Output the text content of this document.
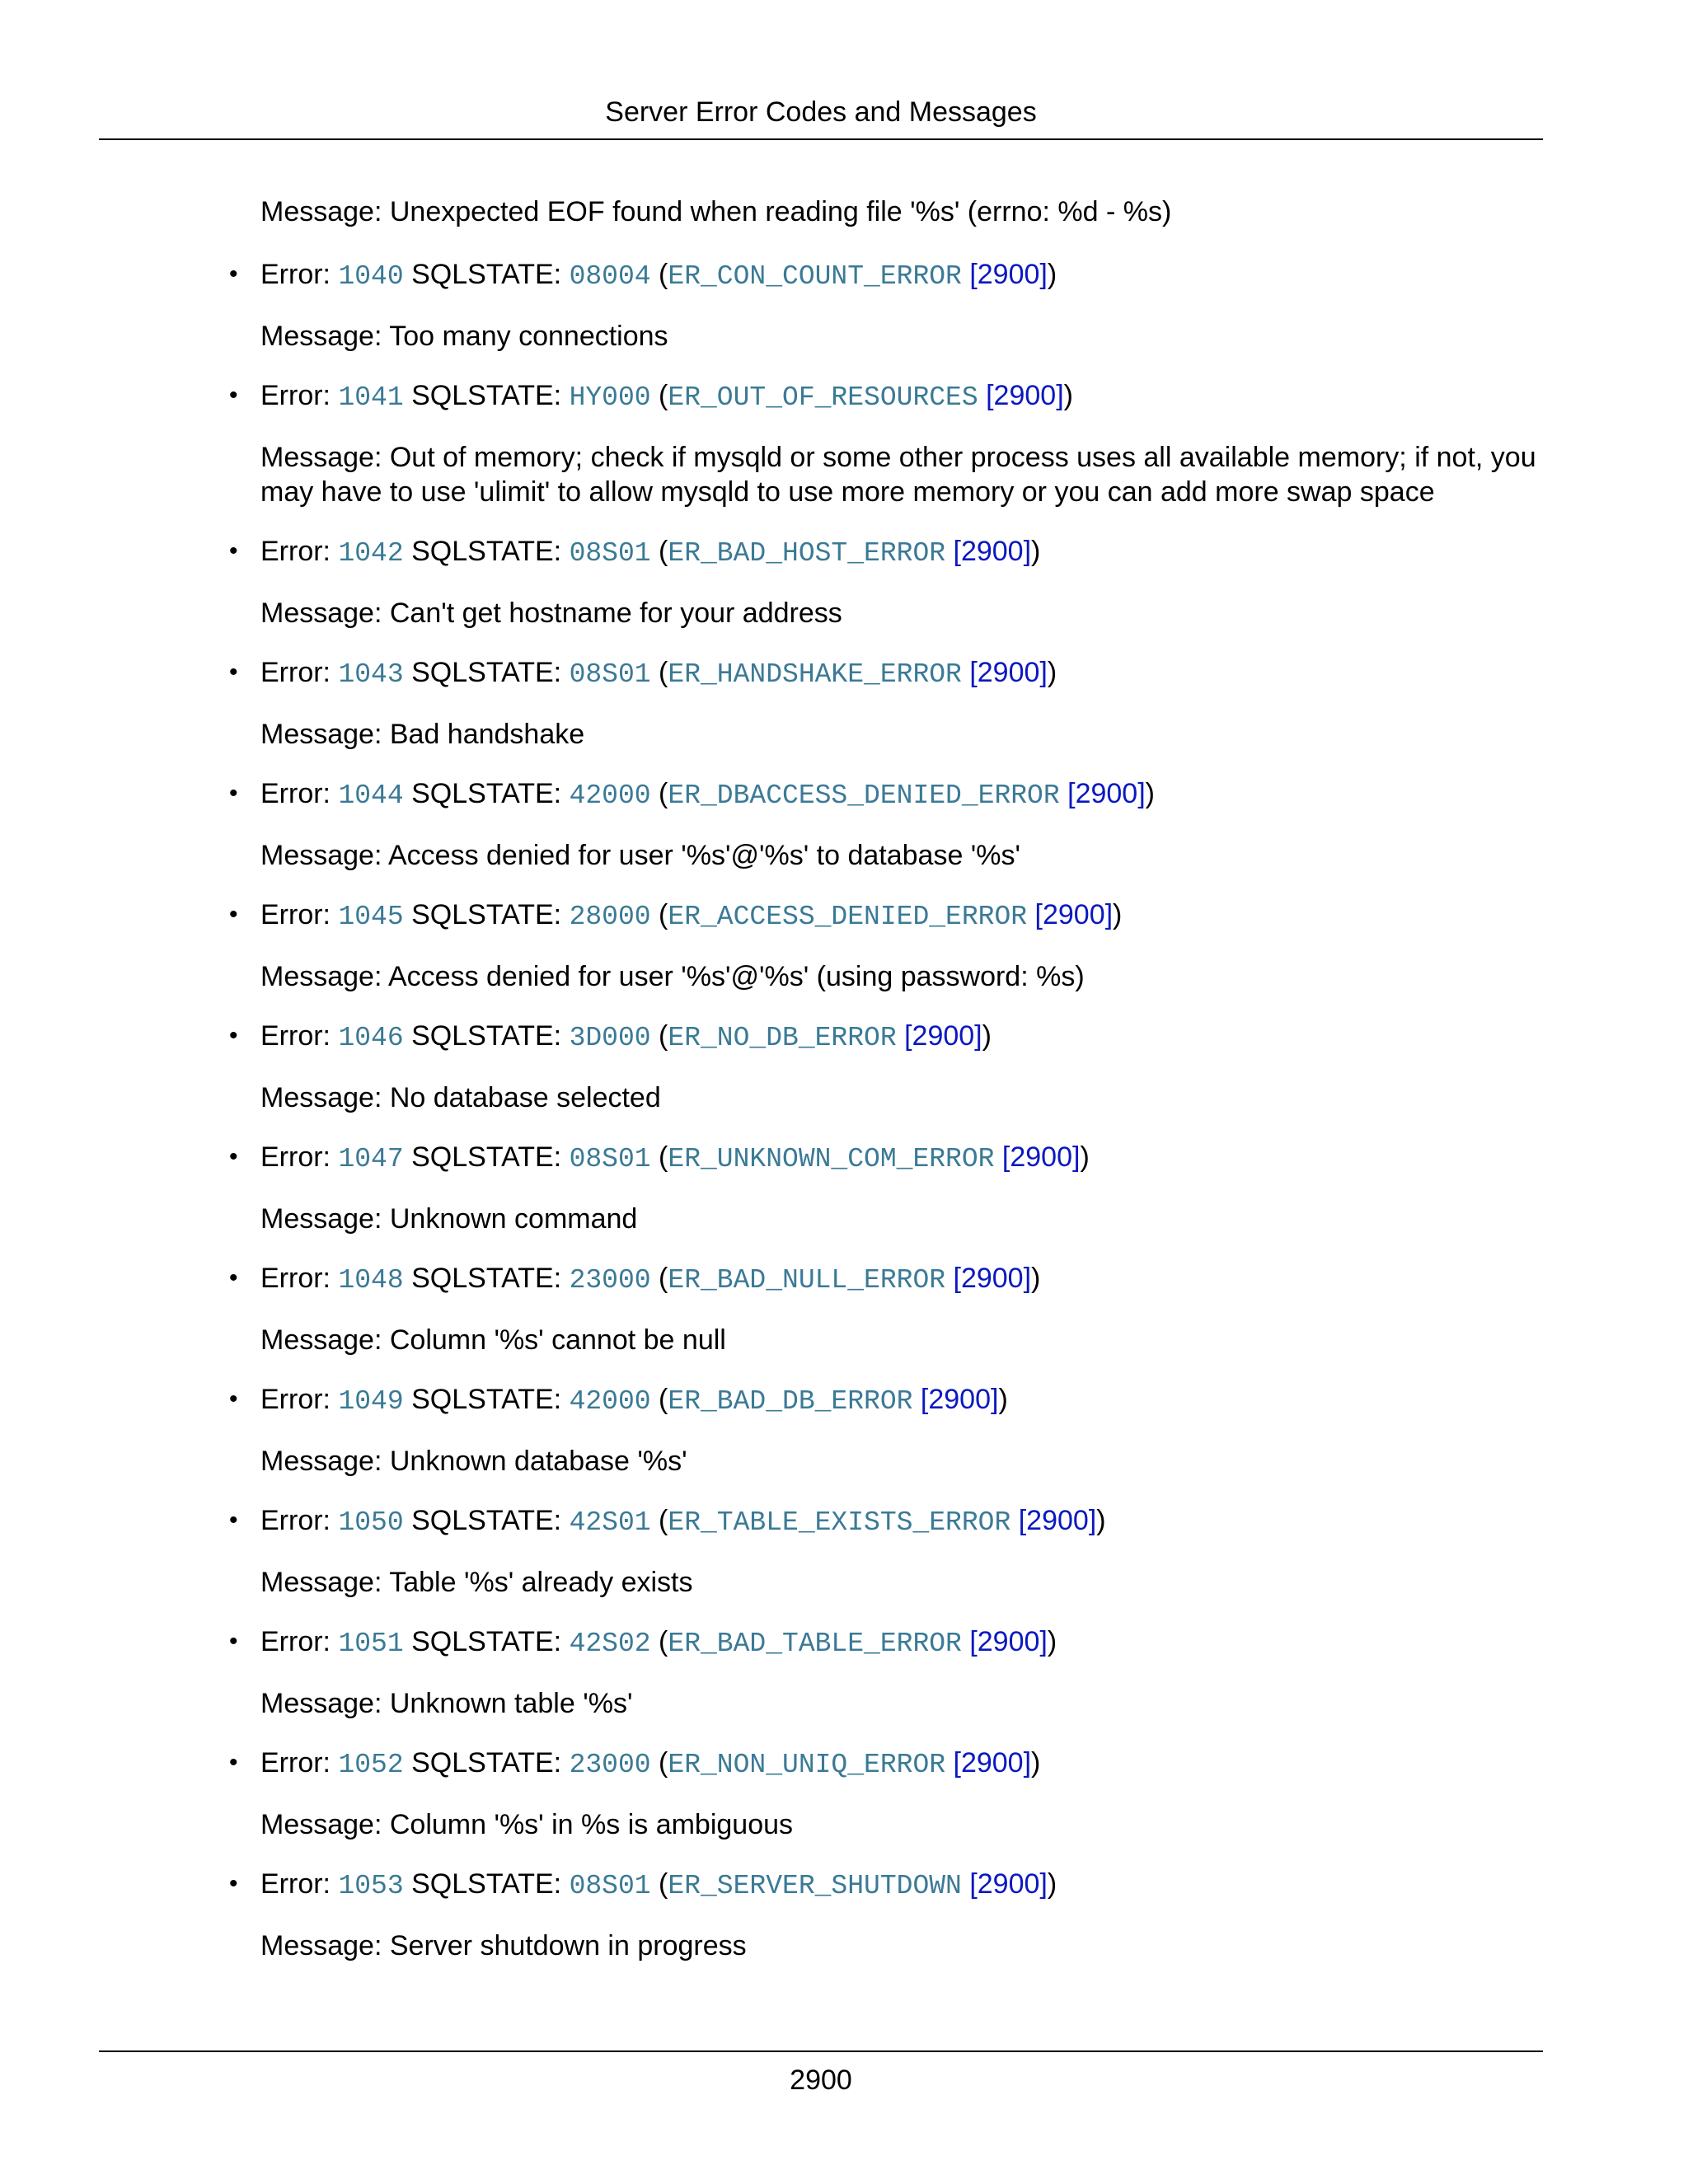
Server Error Codes and Messages
Message: Unexpected EOF found when reading file '%s' (errno: %d - %s)
• Error: 1040 SQLSTATE: 08004 (ER_CON_COUNT_ERROR [2900])
Message: Too many connections
• Error: 1041 SQLSTATE: HY000 (ER_OUT_OF_RESOURCES [2900])
Message: Out of memory; check if mysqld or some other process uses all available memory; if not, you may have to use 'ulimit' to allow mysqld to use more memory or you can add more swap space
• Error: 1042 SQLSTATE: 08S01 (ER_BAD_HOST_ERROR [2900])
Message: Can't get hostname for your address
• Error: 1043 SQLSTATE: 08S01 (ER_HANDSHAKE_ERROR [2900])
Message: Bad handshake
• Error: 1044 SQLSTATE: 42000 (ER_DBACCESS_DENIED_ERROR [2900])
Message: Access denied for user '%s'@'%s' to database '%s'
• Error: 1045 SQLSTATE: 28000 (ER_ACCESS_DENIED_ERROR [2900])
Message: Access denied for user '%s'@'%s' (using password: %s)
• Error: 1046 SQLSTATE: 3D000 (ER_NO_DB_ERROR [2900])
Message: No database selected
• Error: 1047 SQLSTATE: 08S01 (ER_UNKNOWN_COM_ERROR [2900])
Message: Unknown command
• Error: 1048 SQLSTATE: 23000 (ER_BAD_NULL_ERROR [2900])
Message: Column '%s' cannot be null
• Error: 1049 SQLSTATE: 42000 (ER_BAD_DB_ERROR [2900])
Message: Unknown database '%s'
• Error: 1050 SQLSTATE: 42S01 (ER_TABLE_EXISTS_ERROR [2900])
Message: Table '%s' already exists
• Error: 1051 SQLSTATE: 42S02 (ER_BAD_TABLE_ERROR [2900])
Message: Unknown table '%s'
• Error: 1052 SQLSTATE: 23000 (ER_NON_UNIQ_ERROR [2900])
Message: Column '%s' in %s is ambiguous
• Error: 1053 SQLSTATE: 08S01 (ER_SERVER_SHUTDOWN [2900])
Message: Server shutdown in progress
2900
